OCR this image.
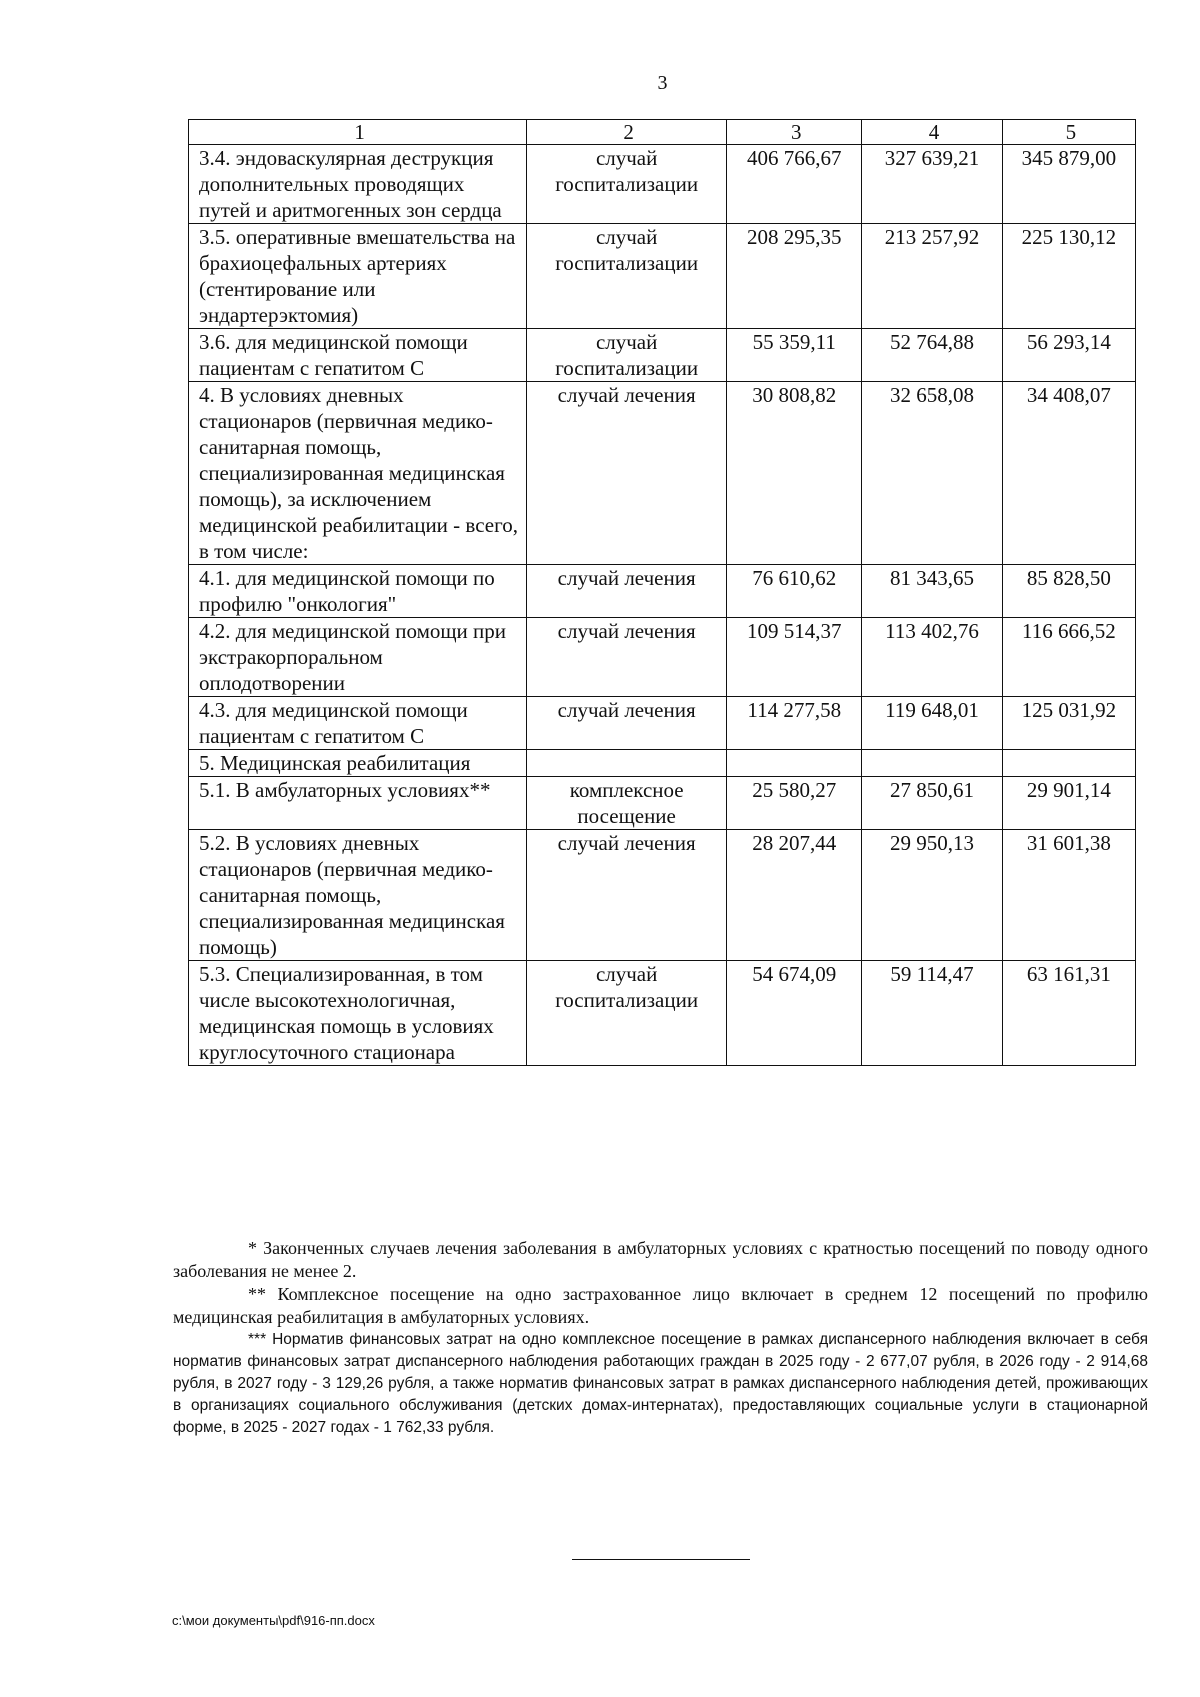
3
1	2	3	4	5
3.4. эндоваскулярная деструкция дополнительных проводящих путей и аритмогенных зон сердца	случай госпитализации	406 766,67	327 639,21	345 879,00
3.5. оперативные вмешательства на брахиоцефальных артериях (стентирование или эндартерэктомия)	случай госпитализации	208 295,35	213 257,92	225 130,12
3.6. для медицинской помощи пациентам с гепатитом С	случай госпитализации	55 359,11	52 764,88	56 293,14
4. В условиях дневных стационаров (первичная медико-санитарная помощь, специализированная медицинская помощь), за исключением медицинской реабилитации - всего, в том числе:	случай лечения	30 808,82	32 658,08	34 408,07
4.1. для медицинской помощи по профилю "онкология"	случай лечения	76 610,62	81 343,65	85 828,50
4.2. для медицинской помощи при экстракорпоральном оплодотворении	случай лечения	109 514,37	113 402,76	116 666,52
4.3. для медицинской помощи пациентам с гепатитом С	случай лечения	114 277,58	119 648,01	125 031,92
5. Медицинская реабилитация				
5.1. В амбулаторных условиях**	комплексное посещение	25 580,27	27 850,61	29 901,14
5.2. В условиях дневных стационаров (первичная медико-санитарная помощь, специализированная медицинская помощь)	случай лечения	28 207,44	29 950,13	31 601,38
5.3. Специализированная, в том числе высокотехнологичная, медицинская помощь в условиях круглосуточного стационара	случай госпитализации	54 674,09	59 114,47	63 161,31

* Законченных случаев лечения заболевания в амбулаторных условиях с кратностью посещений по поводу одного заболевания не менее 2.

** Комплексное посещение на одно застрахованное лицо включает в среднем 12 посещений по профилю медицинская реабилитация в амбулаторных условиях.

*** Норматив финансовых затрат на одно комплексное посещение в рамках диспансерного наблюдения включает в себя норматив финансовых затрат диспансерного наблюдения работающих граждан в 2025 году - 2 677,07 рубля, в 2026 году - 2 914,68 рубля, в 2027 году - 3 129,26 рубля, а также норматив финансовых затрат в рамках диспансерного наблюдения детей, проживающих в организациях социального обслуживания (детских домах-интернатах), предоставляющих социальные услуги в стационарной форме, в 2025 - 2027 годах - 1 762,33 рубля.

c:\мои документы\pdf\916-пп.docx
